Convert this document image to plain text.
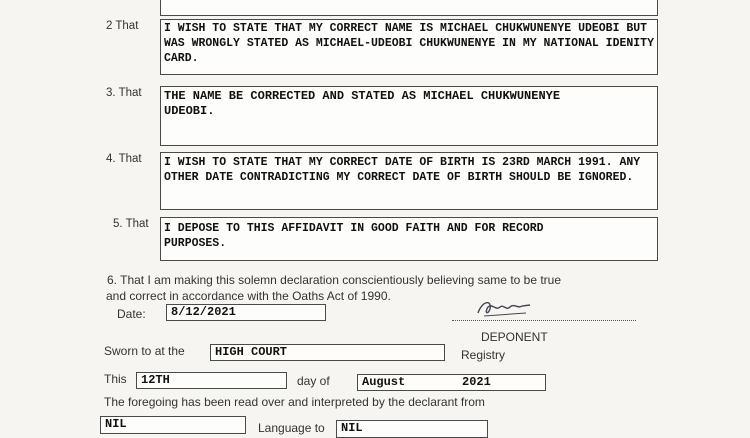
2 That I WISH TO STATE THAT MY CORRECT NAME IS MICHAEL CHUKWUNENYE UDEOBI BUT WAS WRONGLY STATED AS MICHAEL-UDEOBI CHUKWUNENYE IN MY NATIONAL IDENITY CARD.
3. That THE NAME BE CORRECTED AND STATED AS MICHAEL CHUKWUNENYE UDEOBI.
4. That I WISH TO STATE THAT MY CORRECT DATE OF BIRTH IS 23RD MARCH 1991. ANY OTHER DATE CONTRADICTING MY CORRECT DATE OF BIRTH SHOULD BE IGNORED.
5. That I DEPOSE TO THIS AFFIDAVIT IN GOOD FAITH AND FOR RECORD PURPOSES.
6. That I am making this solemn declaration conscientiously believing same to be true
and correct in accordance with the Oaths Act of 1990.
Date:	8/12/2021
DEPONENT
Sworn to at the	HIGH COURT	Registry
This	12TH	day of	August	2021
The foregoing has been read over and interpreted by the declarant from
NIL	Language to	NIL
